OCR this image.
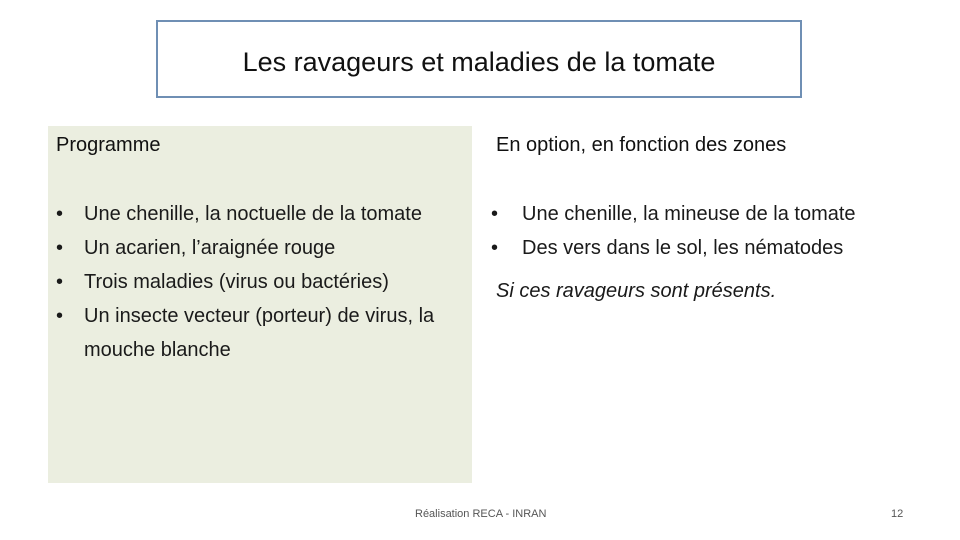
Les ravageurs et maladies de la tomate
Programme
• Une chenille, la noctuelle de la tomate
• Un acarien, l’araignée rouge
• Trois maladies (virus ou bactéries)
• Un insecte vecteur (porteur) de virus, la mouche blanche
En option, en fonction des zones
• Une chenille, la mineuse de la tomate
• Des vers dans le sol, les nématodes
Si ces ravageurs sont présents.
Réalisation RECA - INRAN	12
